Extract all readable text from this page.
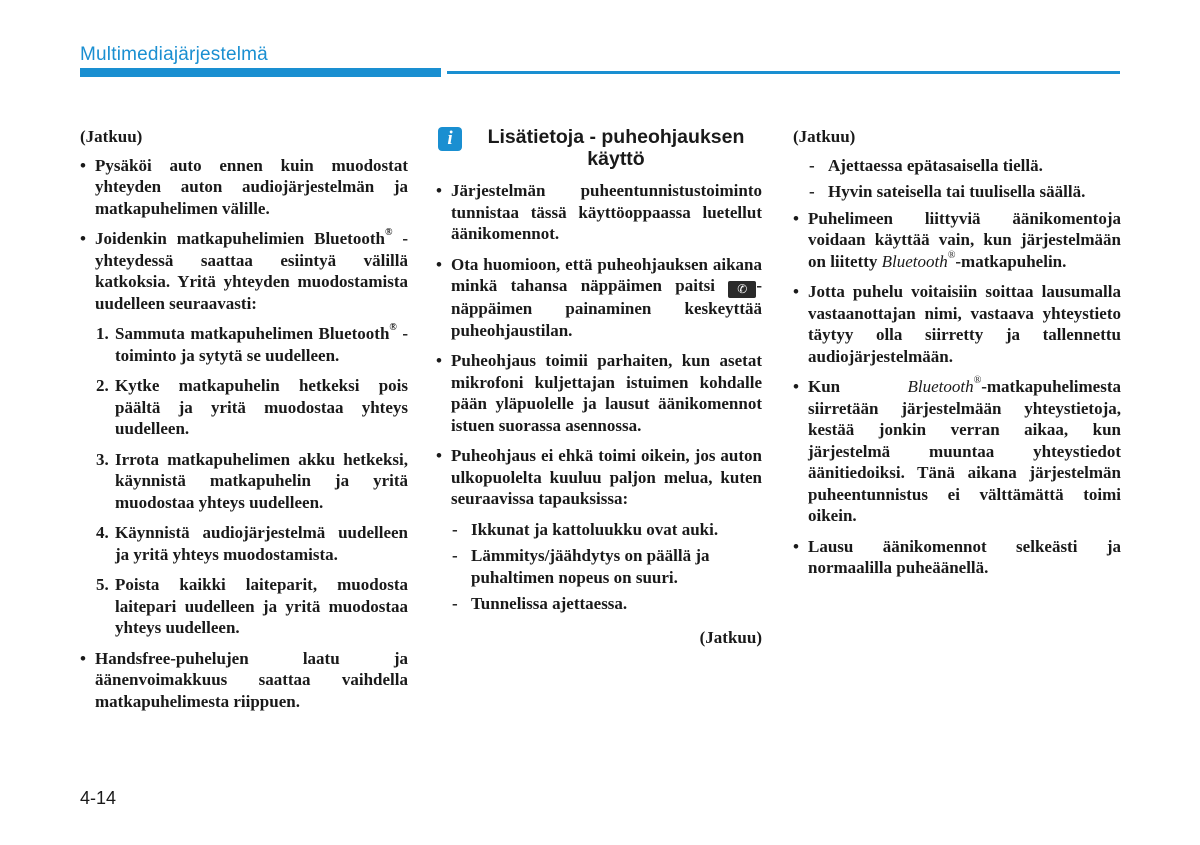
Multimediajärjestelmä

(Jatkuu)

• Pysäköi auto ennen kuin muodostat yhteyden auton audiojärjestelmän ja matkapuhelimen välille.

• Joidenkin matkapuhelimien Bluetooth® -yhteydessä saattaa esiintyä välillä katkoksia. Yritä yhteyden muodostamista uudelleen seuraavasti:

1. Sammuta matkapuhelimen Bluetooth® -toiminto ja sytytä se uudelleen.

2. Kytke matkapuhelin hetkeksi pois päältä ja yritä muodostaa yhteys uudelleen.

3. Irrota matkapuhelimen akku hetkeksi, käynnistä matkapuhelin ja yritä muodostaa yhteys uudelleen.

4. Käynnistä audiojärjestelmä uudelleen ja yritä yhteys muodostamista.

5. Poista kaikki laiteparit, muodosta laitepari uudelleen ja yritä muodostaa yhteys uudelleen.

• Handsfree-puhelujen laatu ja äänenvoimakkuus saattaa vaihdella matkapuhelimesta riippuen.

i	Lisätietoja - puheohjauksen käyttö

• Järjestelmän puheentunnistustoiminto tunnistaa tässä käyttöoppaassa luetellut äänikomennot.

• Ota huomioon, että puheohjauksen aikana minkä tahansa näppäimen paitsi ✆ -näppäimen painaminen keskeyttää puheohjaustilan.

• Puheohjaus toimii parhaiten, kun asetat mikrofoni kuljettajan istuimen kohdalle pään yläpuolelle ja lausut äänikomennot istuen suorassa asennossa.

• Puheohjaus ei ehkä toimi oikein, jos auton ulkopuolelta kuuluu paljon melua, kuten seuraavissa tapauksissa:

- Ikkunat ja kattoluukku ovat auki.

- Lämmitys/jäähdytys on päällä ja puhaltimen nopeus on suuri.

- Tunnelissa ajettaessa.

(Jatkuu)

(Jatkuu)

- Ajettaessa epätasaisella tiellä.

- Hyvin sateisella tai tuulisella säällä.

• Puhelimeen liittyviä äänikomentoja voidaan käyttää vain, kun järjestelmään on liitetty Bluetooth®-matkapuhelin.

• Jotta puhelu voitaisiin soittaa lausumalla vastaanottajan nimi, vastaava yhteystieto täytyy olla siirretty ja tallennettu audiojärjestelmään.

• Kun Bluetooth®-matkapuhelimesta siirretään järjestelmään yhteystietoja, kestää jonkin verran aikaa, kun järjestelmä muuntaa yhteystiedot äänitiedoiksi. Tänä aikana järjestelmän puheentunnistus ei välttämättä toimi oikein.

• Lausu äänikomennot selkeästi ja normaalilla puheäänellä.

4-14
